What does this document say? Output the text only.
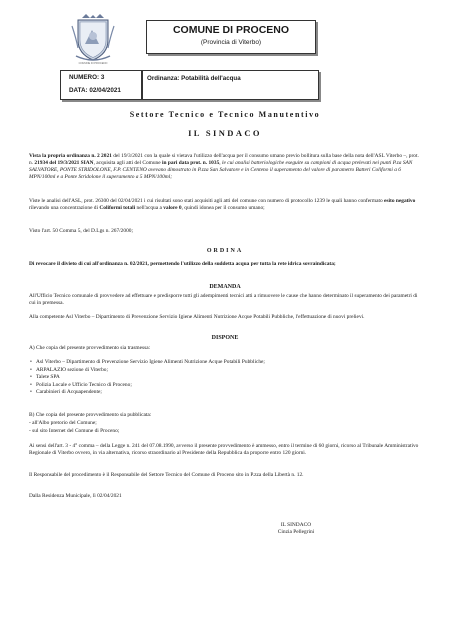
COMUNE DI PROCENO
COMUNE DI PROCENO
(Provincia di Viterbo)
NUMERO: 3
DATA: 02/04/2021
Ordinanza: Potabilità dell'acqua
Settore Tecnico e Tecnico Manutentivo
IL SINDACO
Vista la propria ordinanza n. 2 2021 del 19/3/2021 con la quale si vietava l'utilizzo dell'acqua per il consumo umano previo bollitura sulla base della nota dell'ASL Viterbo –, prot. n. 21934 del 19/3/2021 SIAN, acquisita agli atti del Comune in pari data prot. n. 1035, le cui analisi batteriologiche eseguite su campioni di acqua prelevati nei punti P.za SAN SALVATORE, PONTE STRIDOLONE, F.P. CENTENO avevano dimostrato in P.zza San Salvatore e in Centeno il superamento del valore di parametro Batteri Coliformi a 6 MPN/100ml e a Ponte Stridolone il superamento a 5 MPN/100ml;
Viste le analisi dell'ASL, prot. 26300 del 02/04/2021 i cui risultati sono stati acquisiti agli atti del comune con numero di protocollo 1239 le quali hanno confermato esito negativo rilevando una concentrazione di Coliformi totali nell'acqua a valore 0, quindi idonea per il consumo umano;
Visto l'art. 50 Comma 5, del D.Lgs n. 267/2000;
ORDINA
Di revocare il divieto di cui all'ordinanza n. 02/2021, permettendo l'utilizzo della suddetta acqua per tutta la rete idrica sovraindicata;
DEMANDA
All'Ufficio Tecnico comunale di provvedere ad effettuare e predisporre tutti gli adempimenti tecnici atti a rimuovere le cause che hanno determinato il superamento dei parametri di cui in premessa.
Alla competente Asl Viterbo – Dipartimento di Prevenzione Servizio Igiene Alimenti Nutrizione Acque Potabili Pubbliche, l'effettuazione di nuovi prelievi.
DISPONE
A) Che copia del presente provvedimento sia trasmessa:
• Asl Viterbo – Dipartimento di Prevenzione Servizio Igiene Alimenti Nutrizione Acque Potabili Pubbliche;
• ARPALAZIO sezione di Viterbo;
• Talete SPA
• Polizia Locale e Ufficio Tecnico di Proceno;
• Carabinieri di Acquapendente;
B) Che copia del presente provvedimento sia pubblicata:
- all'Albo pretorio del Comune;
- sul sito Internet del Comune di Proceno;
Ai sensi dell'art. 3 - 4° comma – della Legge n. 241 del 07.08.1990, avverso il presente provvedimento è ammesso, entro il termine di 60 giorni, ricorso al Tribunale Amministrativo Regionale di Viterbo ovvero, in via alternativa, ricorso straordinario al Presidente della Repubblica da proporre entro 120 giorni.
Il Responsabile del procedimento è il Responsabile del Settore Tecnico del Comune di Proceno sito in P.zza della Libertà n. 12.
Dalla Residenza Municipale, lì 02/04/2021
IL SINDACO
Cinzia Pellegrini
